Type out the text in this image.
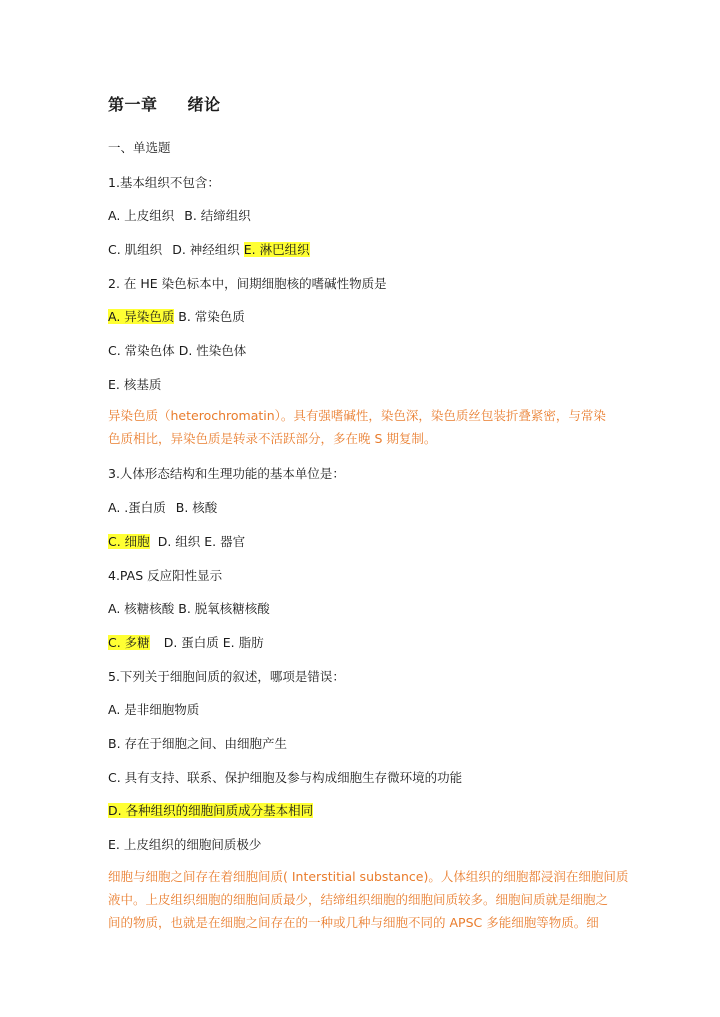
第一章 绪论
一、单选题
1.基本组织不包含：
A. 上皮组织 B. 结缔组织
C. 肌组织 D. 神经组织 E. 淋巴组织
2. 在 HE 染色标本中，间期细胞核的嗜碱性物质是
A. 异染色质 B. 常染色质
C. 常染色体 D. 性染色体
E. 核基质
异染色质（heterochromatin）。具有强嗜碱性，染色深，染色质丝包装折叠紧密，与常染
色质相比，异染色质是转录不活跃部分，多在晚 S 期复制。
3.人体形态结构和生理功能的基本单位是：
A. .蛋白质 B. 核酸
C. 细胞 D. 组织 E. 器官
4.PAS 反应阳性显示
A. 核糖核酸 B. 脱氧核糖核酸
C. 多糖 D. 蛋白质 E. 脂肪
5.下列关于细胞间质的叙述，哪项是错误：
A. 是非细胞物质
B. 存在于细胞之间、由细胞产生
C. 具有支持、联系、保护细胞及参与构成细胞生存微环境的功能
D. 各种组织的细胞间质成分基本相同
E. 上皮组织的细胞间质极少
细胞与细胞之间存在着细胞间质( Interstitial substance)。人体组织的细胞都浸润在细胞间质
液中。上皮组织细胞的细胞间质最少，结缔组织细胞的细胞间质较多。细胞间质就是细胞之
间的物质，也就是在细胞之间存在的一种或几种与细胞不同的 APSC 多能细胞等物质。细
